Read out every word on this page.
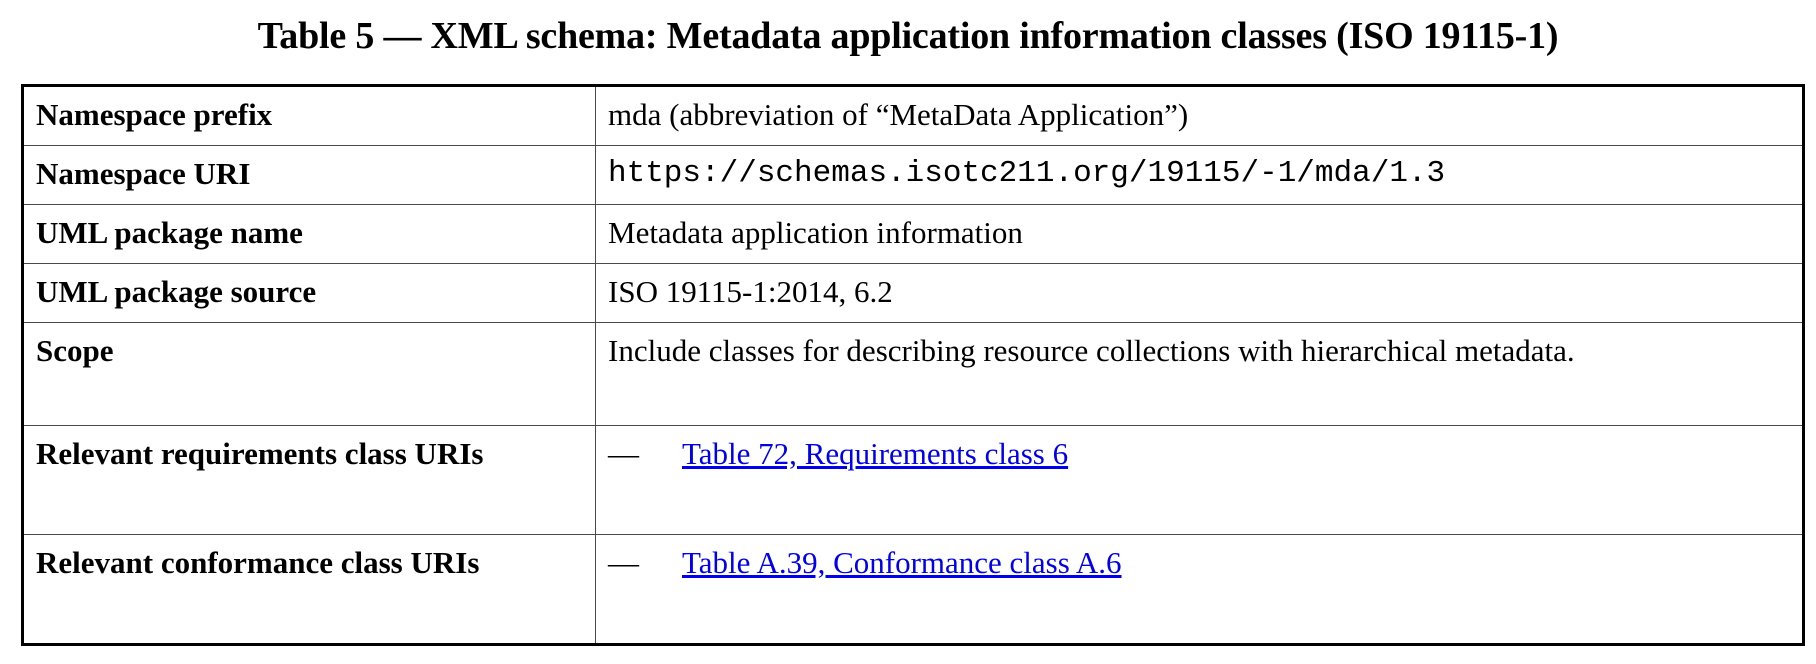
Table 5 — XML schema: Metadata application information classes (ISO 19115-1)
Namespace prefix	mda (abbreviation of “MetaData Application”)
Namespace URI	https://schemas.isotc211.org/19115/-1/mda/1.3
UML package name	Metadata application information
UML package source	ISO 19115-1:2014, 6.2
Scope	Include classes for describing resource collections with hierarchical metadata.
Relevant requirements class URIs	— Table 72, Requirements class 6
Relevant conformance class URIs	— Table A.39, Conformance class A.6
